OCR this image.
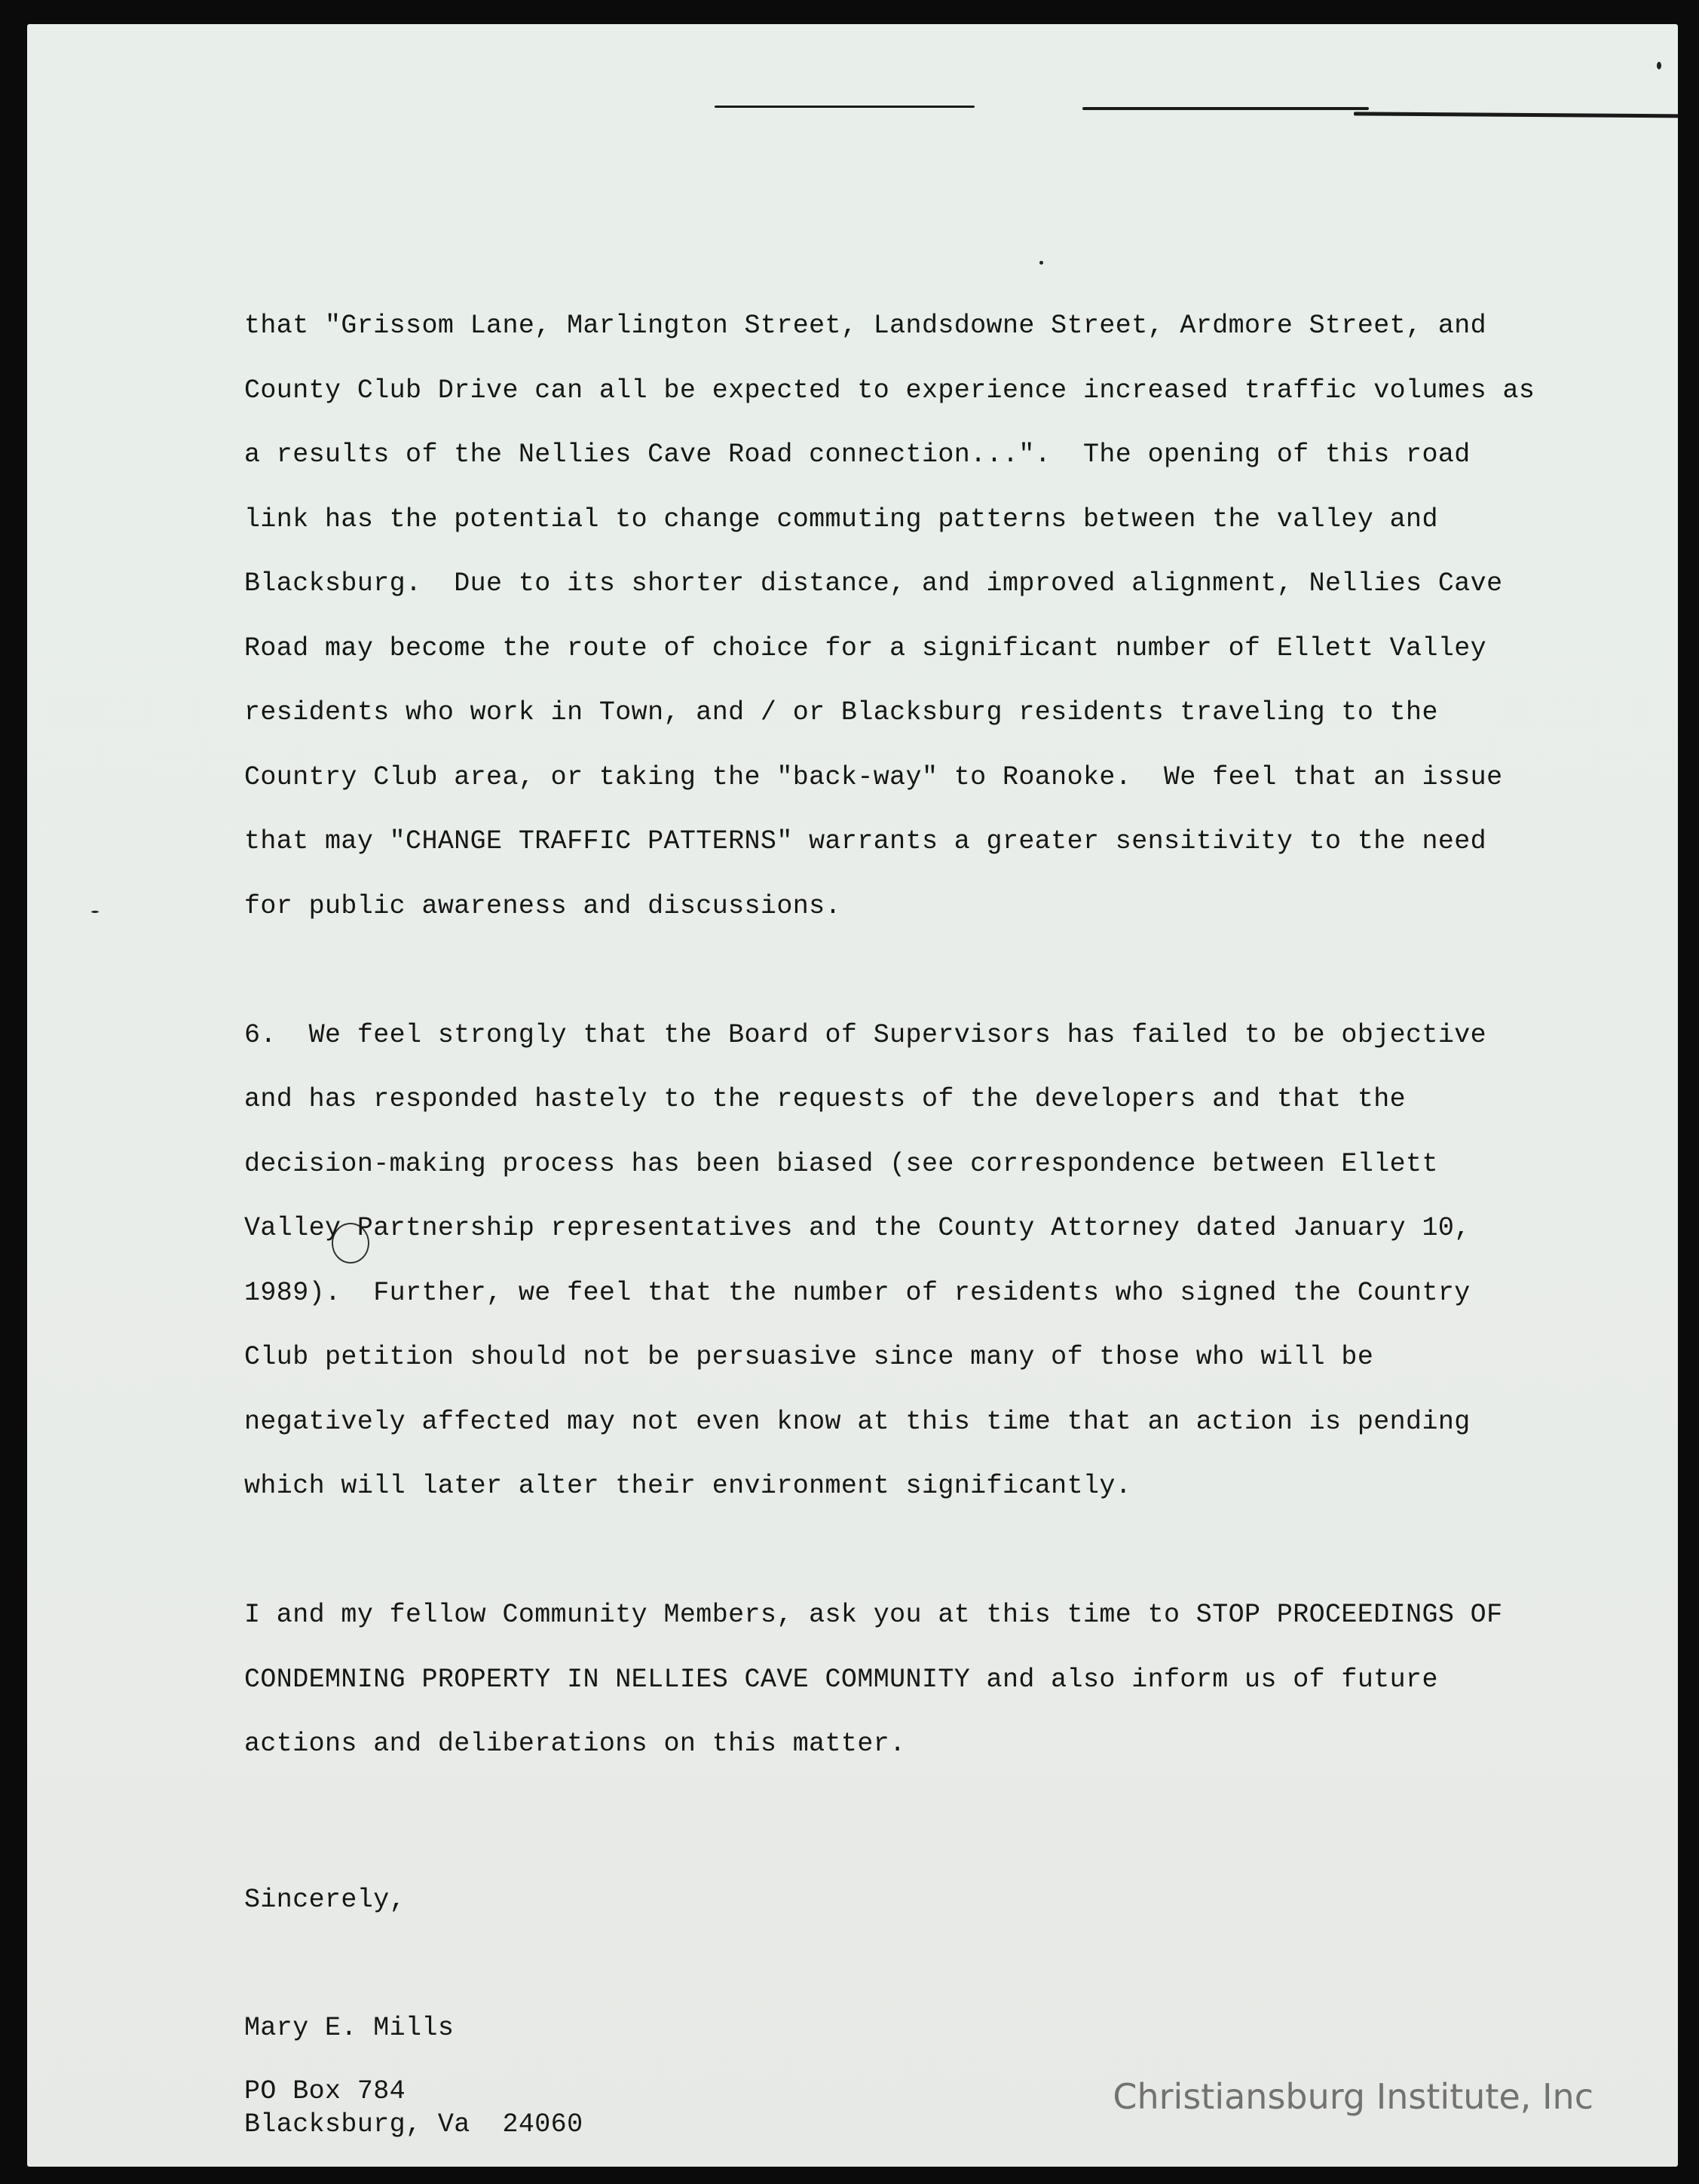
that "Grissom Lane, Marlington Street, Landsdowne Street, Ardmore Street, and
County Club Drive can all be expected to experience increased traffic volumes as
a results of the Nellies Cave Road connection...".  The opening of this road
link has the potential to change commuting patterns between the valley and
Blacksburg.  Due to its shorter distance, and improved alignment, Nellies Cave
Road may become the route of choice for a significant number of Ellett Valley
residents who work in Town, and / or Blacksburg residents traveling to the
Country Club area, or taking the "back-way" to Roanoke.  We feel that an issue
that may "CHANGE TRAFFIC PATTERNS" warrants a greater sensitivity to the need
for public awareness and discussions.
6.  We feel strongly that the Board of Supervisors has failed to be objective
and has responded hastely to the requests of the developers and that the
decision-making process has been biased (see correspondence between Ellett
Valley Partnership representatives and the County Attorney dated January 10,
1989).  Further, we feel that the number of residents who signed the Country
Club petition should not be persuasive since many of those who will be
negatively affected may not even know at this time that an action is pending
which will later alter their environment significantly.
I and my fellow Community Members, ask you at this time to STOP PROCEEDINGS OF
CONDEMNING PROPERTY IN NELLIES CAVE COMMUNITY and also inform us of future
actions and deliberations on this matter.
Sincerely,
Mary E. Mills
PO Box 784
Blacksburg, Va  24060
Christiansburg Institute, Inc
